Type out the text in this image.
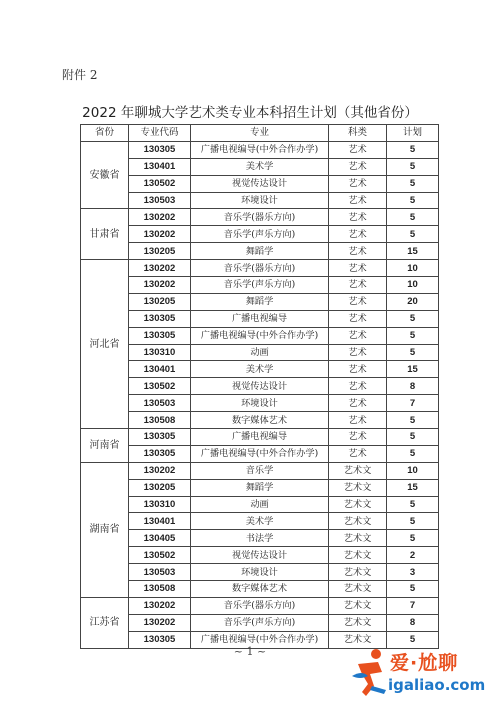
附件 2
2022 年聊城大学艺术类专业本科招生计划（其他省份）
省份	专业代码	专业	科类	计划
安徽省	130305	广播电视编导(中外合作办学)	艺术	5
	130401	美术学	艺术	5
	130502	视觉传达设计	艺术	5
	130503	环境设计	艺术	5
甘肃省	130202	音乐学(器乐方向)	艺术	5
	130202	音乐学(声乐方向)	艺术	5
	130205	舞蹈学	艺术	15
河北省	130202	音乐学(器乐方向)	艺术	10
	130202	音乐学(声乐方向)	艺术	10
	130205	舞蹈学	艺术	20
	130305	广播电视编导	艺术	5
	130305	广播电视编导(中外合作办学)	艺术	5
	130310	动画	艺术	5
	130401	美术学	艺术	15
	130502	视觉传达设计	艺术	8
	130503	环境设计	艺术	7
	130508	数字媒体艺术	艺术	5
河南省	130305	广播电视编导	艺术	5
	130305	广播电视编导(中外合作办学)	艺术	5
湖南省	130202	音乐学	艺术文	10
	130205	舞蹈学	艺术文	15
	130310	动画	艺术文	5
	130401	美术学	艺术文	5
	130405	书法学	艺术文	5
	130502	视觉传达设计	艺术文	2
	130503	环境设计	艺术文	3
	130508	数字媒体艺术	艺术文	5
江苏省	130202	音乐学(器乐方向)	艺术文	7
	130202	音乐学(声乐方向)	艺术文	8
	130305	广播电视编导(中外合作办学)	艺术文	5
~ 1 ~
爱·尬聊
igaliao.com
